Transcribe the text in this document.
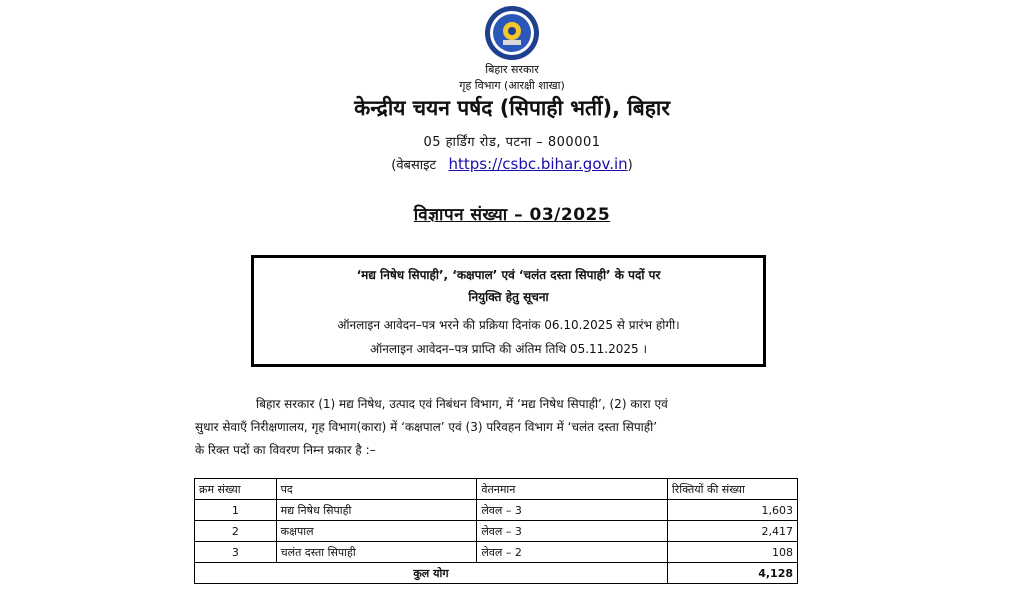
बिहार सरकार
गृह विभाग (आरक्षी शाखा)
केन्द्रीय चयन पर्षद (सिपाही भर्ती), बिहार
05 हार्डिंग रोड, पटना – 800001
(वेबसाइट https://csbc.bihar.gov.in)
विज्ञापन संख्या – 03/2025
‘मद्य निषेध सिपाही’, ‘कक्षपाल’ एवं ‘चलंत दस्ता सिपाही’ के पदों पर
नियुक्ति हेतु सूचना
ऑनलाइन आवेदन–पत्र भरने की प्रक्रिया दिनांक 06.10.2025 से प्रारंभ होगी।
ऑनलाइन आवेदन–पत्र प्राप्ति की अंतिम तिथि 05.11.2025 ।
बिहार सरकार (1) मद्य निषेध, उत्पाद एवं निबंधन विभाग, में ‘मद्य निषेध सिपाही’, (2) कारा एवं
सुधार सेवाएँ निरीक्षणालय, गृह विभाग(कारा) में ‘कक्षपाल’ एवं (3) परिवहन विभाग में ‘चलंत दस्ता सिपाही’
के रिक्त पदों का विवरण निम्न प्रकार है :–
क्रम संख्या	पद	वेतनमान	रिक्तियों की संख्या
1	मद्य निषेध सिपाही	लेवल – 3	1,603
2	कक्षपाल	लेवल – 3	2,417
3	चलंत दस्ता सिपाही	लेवल – 2	108
कुल योग			4,128
